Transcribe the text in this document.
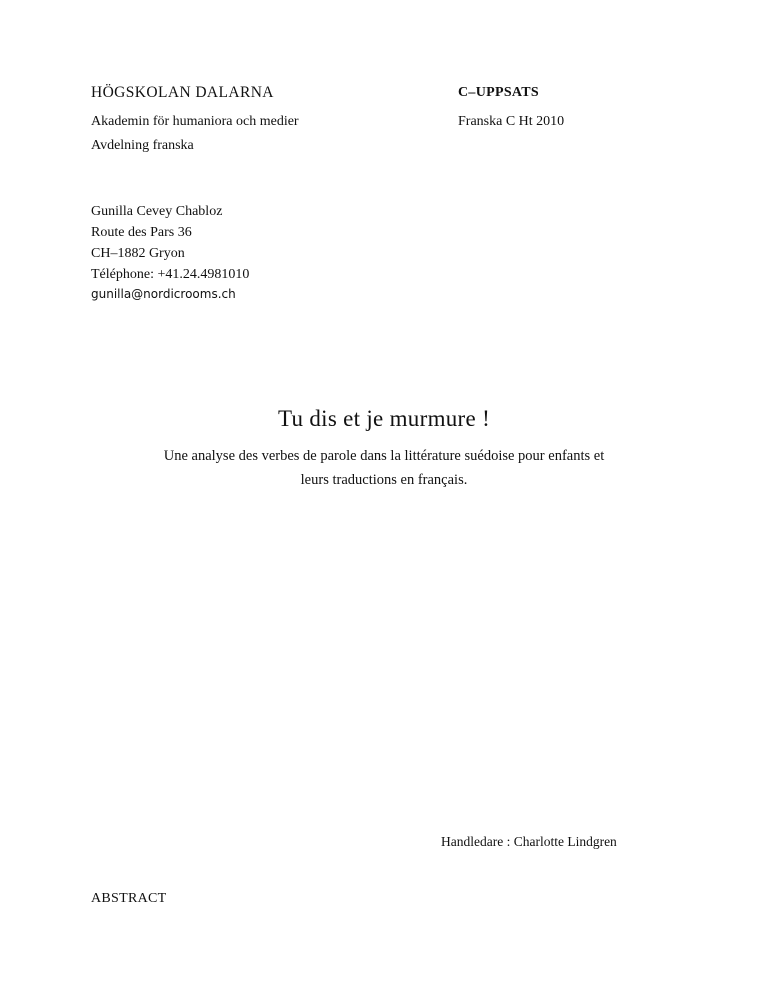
HÖGSKOLAN DALARNA
Akademin för humaniora och medier
Avdelning franska
C–UPPSATS
Franska C Ht 2010
Gunilla Cevey Chabloz
Route des Pars 36
CH–1882 Gryon
Téléphone: +41.24.4981010
gunilla@nordicrooms.ch
Tu dis et je murmure !
Une analyse des verbes de parole dans la littérature suédoise pour enfants et
leurs traductions en français.
Handledare : Charlotte Lindgren
ABSTRACT
